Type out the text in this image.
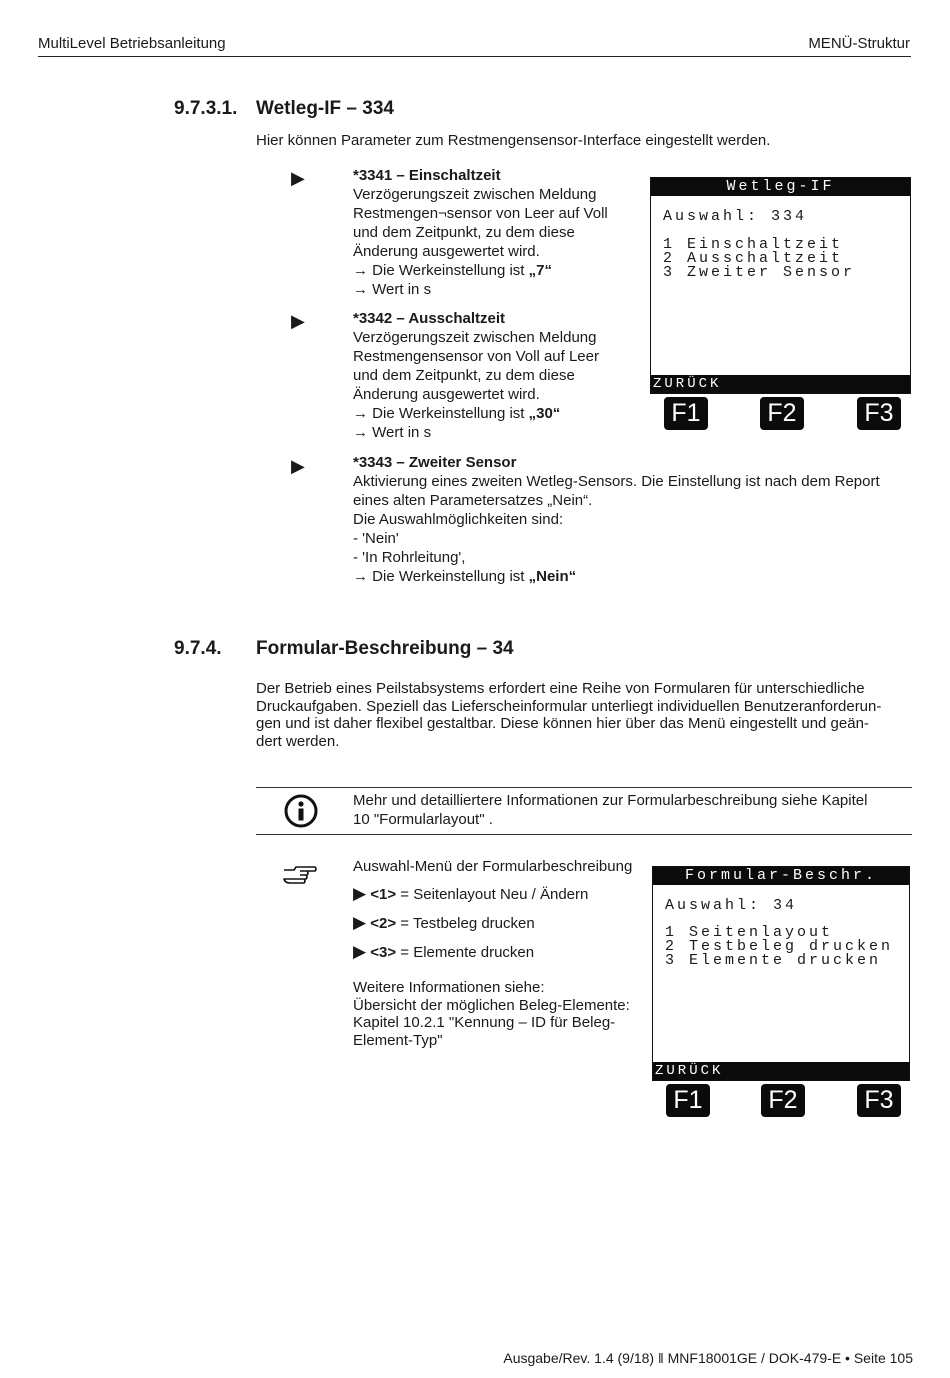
MultiLevel Betriebsanleitung	MENÜ-Struktur
9.7.3.1. Wetleg-IF – 334
Hier können Parameter zum Restmengensensor-Interface eingestellt werden.
▶	*3341 – Einschaltzeit
Verzögerungszeit zwischen Meldung
Restmengen¬sensor von Leer auf Voll
und dem Zeitpunkt, zu dem diese
Änderung ausgewertet wird.
→ Die Werkeinstellung ist „7“
→ Wert in s
▶	*3342 – Ausschaltzeit
Verzögerungszeit zwischen Meldung
Restmengensensor von Voll auf Leer
und dem Zeitpunkt, zu dem diese
Änderung ausgewertet wird.
→ Die Werkeinstellung ist „30“
→ Wert in s
▶	*3343 – Zweiter Sensor
Aktivierung eines zweiten Wetleg-Sensors. Die Einstellung ist nach dem Report
eines alten Parametersatzes „Nein“.
Die Auswahlmöglichkeiten sind:
- 'Nein'
- 'In Rohrleitung',
→ Die Werkeinstellung ist „Nein“
Wetleg-IF
Auswahl: 334
1 Einschaltzeit
2 Ausschaltzeit
3 Zweiter Sensor
ZURÜCK
F1	F2	F3
9.7.4. Formular-Beschreibung – 34
Der Betrieb eines Peilstabsystems erfordert eine Reihe von Formularen für unterschiedliche
Druckaufgaben. Speziell das Lieferscheinformular unterliegt individuellen Benutzeranforderun-
gen und ist daher flexibel gestaltbar. Diese können hier über das Menü eingestellt und geän-
dert werden.
Mehr und detailliertere Informationen zur Formularbeschreibung siehe Kapitel
10 "Formularlayout" .
Auswahl-Menü der Formularbeschreibung
▶ <1> = Seitenlayout Neu / Ändern
▶ <2> = Testbeleg drucken
▶ <3> = Elemente drucken
Weitere Informationen siehe:
Übersicht der möglichen Beleg-Elemente:
Kapitel 10.2.1 "Kennung – ID für Beleg-
Element-Typ"
Formular-Beschr.
Auswahl: 34
1 Seitenlayout
2 Testbeleg drucken
3 Elemente drucken
ZURÜCK
F1	F2	F3
Ausgabe/Rev. 1.4 (9/18) ‖ MNF18001GE / DOK-479-E • Seite 105
